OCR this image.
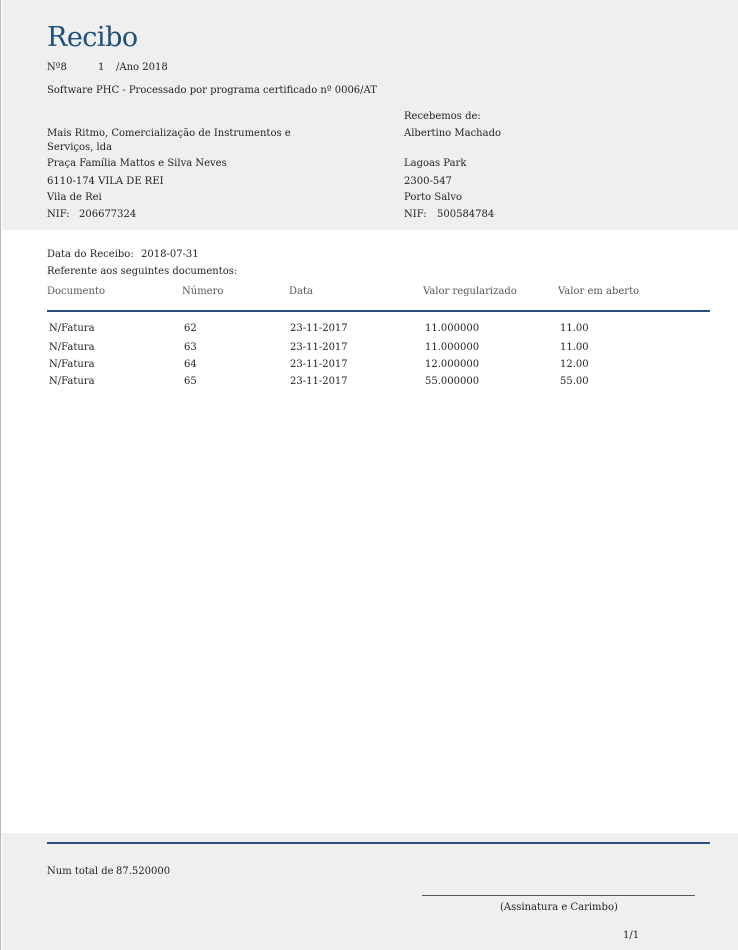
Recibo
Nº8	1 /Ano 2018
Software PHC - Processado por programa certificado nº 0006/AT
Mais Ritmo, Comercialização de Instrumentos e
Serviços, lda
Praça Família Mattos e Silva Neves
6110-174 VILA DE REI
Vila de Rei
NIF: 206677324
Recebemos de:
Albertino Machado
Lagoas Park
2300-547
Porto Salvo
NIF: 500584784
Data do Receibo: 2018-07-31
Referente aos seguintes documentos:
Documento	Número	Data	Valor regularizado	Valor em aberto
N/Fatura	62	23-11-2017	11.000000	11.00
N/Fatura	63	23-11-2017	11.000000	11.00
N/Fatura	64	23-11-2017	12.000000	12.00
N/Fatura	65	23-11-2017	55.000000	55.00
Num total de 87.520000
(Assinatura e Carimbo)
1/1
